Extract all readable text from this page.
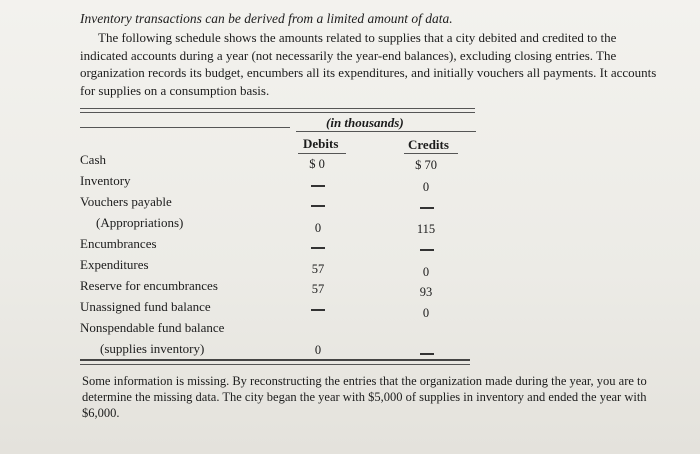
Inventory transactions can be derived from a limited amount of data.
The following schedule shows the amounts related to supplies that a city debited and credited to the indicated accounts during a year (not necessarily the year-end balances), excluding closing entries. The organization records its budget, encumbers all its expenditures, and initially vouchers all payments. It accounts for supplies on a consumption basis.
(in thousands)
Debits	Credits
Cash
Inventory
Vouchers payable
(Appropriations)
Encumbrances
Expenditures
Reserve for encumbrances
Unassigned fund balance
Nonspendable fund balance
(supplies inventory)
$ 0
0
57
57
0
$ 70
0
115
0
93
0
Some information is missing. By reconstructing the entries that the organization made during the year, you are to determine the missing data. The city began the year with $5,000 of supplies in inventory and ended the year with $6,000.
